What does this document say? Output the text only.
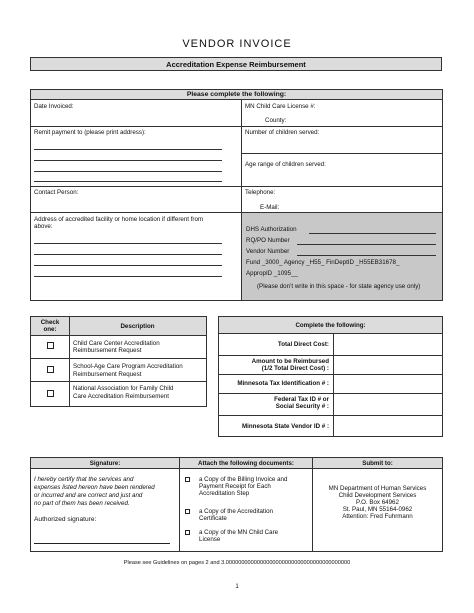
VENDOR INVOICE
Accreditation Expense Reimbursement
Please complete the following:
Date Invoiced:	MN Child Care License #:
County:
Remit payment to (please print address):	Number of children served:
Age range of children served:
Contact Person:	Telephone:
E-Mail:
Address of accredited facility or home location if different from
above:	DHS Authorization
RQ/PO Number
Vendor Number
Fund _3000_ Agency _H55_ FinDeptID _H55EB31678_
AppropID _1095__
(Please don’t write in this space - for state agency use only)
Check
one:	Description
Child Care Center Accreditation
Reimbursement Request
School-Age Care Program Accreditation
Reimbursement Request
National Association for Family Child
Care Accreditation Reimbursement
Complete the following:
Total Direct Cost:
Amount to be Reimbursed
(1/2 Total Direct Cost) :
Minnesota Tax Identification # :
Federal Tax ID # or
Social Security # :
Minnesota State Vendor ID # :
Signature:
I hereby certify that the services and
expenses listed hereon have been rendered
or incurred and are correct and just and
no part of them has been received.
Authorized signature:
Attach the following documents:
a Copy of the Billing Invoice and
Payment Receipt for Each
Accreditation Step
a Copy of the Accreditation
Certificate
a Copy of the MN Child Care
License
Submit to:
MN Department of Human Services
Child Development Services
P.O. Box 64962
St. Paul, MN 55164-0962
Attention: Fred Fuhrmann
Please see Guidelines on pages 2 and 3.0000000000000000000000000000000000000000
1
